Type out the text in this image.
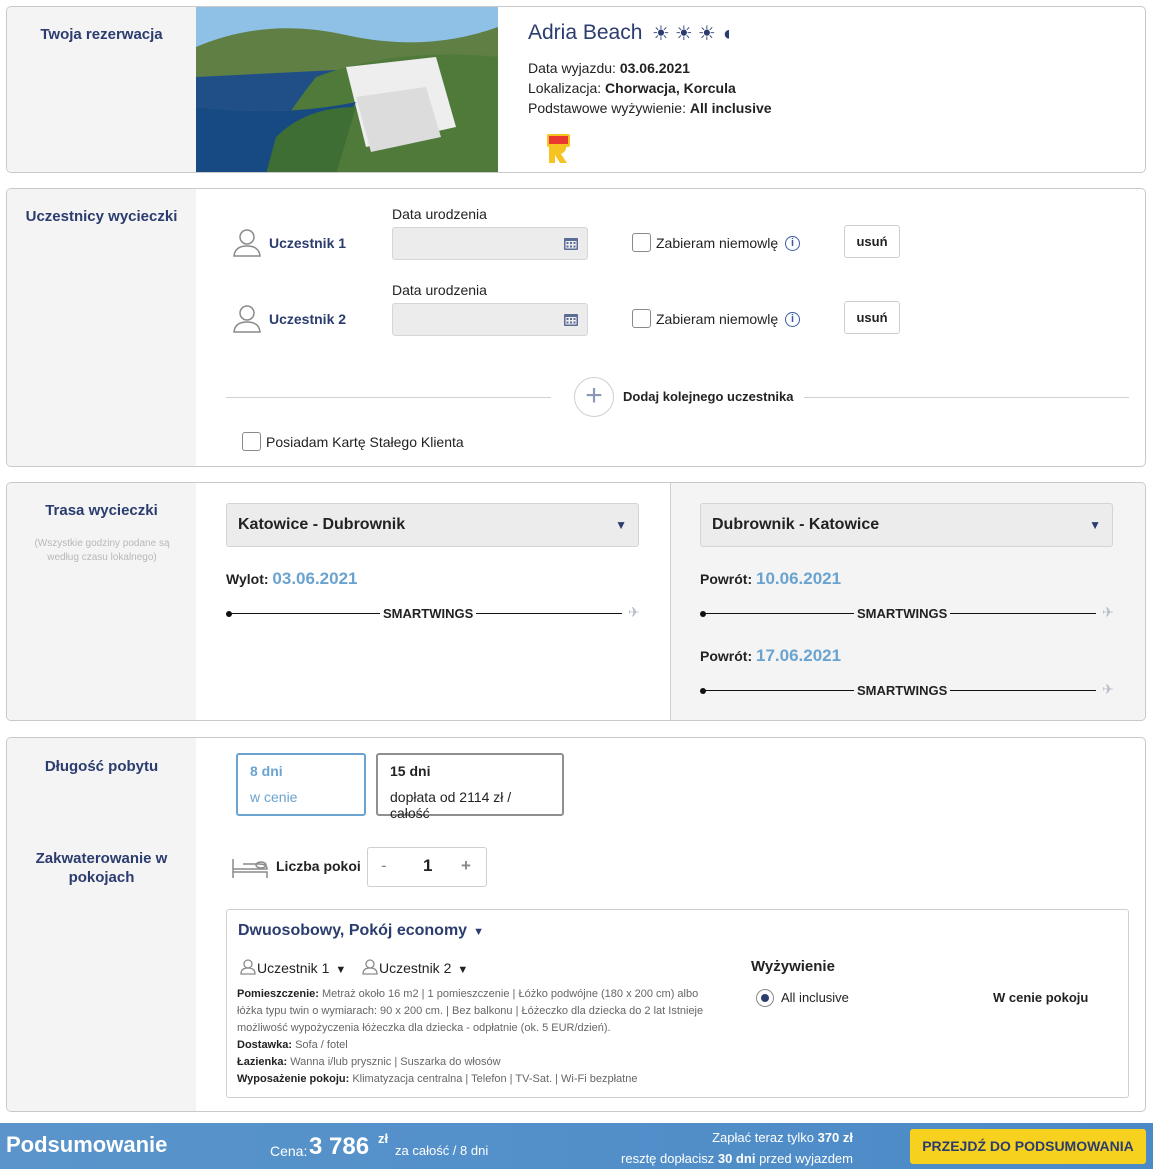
Twoja rezerwacja	Adria Beach ☀☀☀◖
Data wyjazdu: 03.06.2021
Lokalizacja: Chorwacja, Korcula
Podstawowe wyżywienie: All inclusive
Uczestnicy wycieczki
Uczestnik 1
Data urodzenia
Zabieram niemowlę	i	usuń
Uczestnik 2
Data urodzenia
Zabieram niemowlę	i	usuń
+	Dodaj kolejnego uczestnika
Posiadam Kartę Stałego Klienta
Trasa wycieczki
(Wszystkie godziny podane są według czasu lokalnego)
Katowice - Dubrownik	▼
Wylot: 03.06.2021
SMARTWINGS	✈
Dubrownik - Katowice	▼
Powrót: 10.06.2021
SMARTWINGS	✈
Powrót: 17.06.2021
SMARTWINGS	✈
Długość pobytu
Zakwaterowanie w pokojach
8 dni
w cenie
15 dni
dopłata od 2114 zł / całość
Liczba pokoi - 1 +
Dwuosobowy, Pokój economy ▼
Uczestnik 1 ▼	Uczestnik 2 ▼
Pomieszczenie: Metraż około 16 m2 | 1 pomieszczenie | Łóżko podwójne (180 x 200 cm) albo łóżka typu twin o wymiarach: 90 x 200 cm. | Bez balkonu | Łóżeczko dla dziecka do 2 lat Istnieje możliwość wypożyczenia łóżeczka dla dziecka - odpłatnie (ok. 5 EUR/dzień).
Dostawka: Sofa / fotel
Łazienka: Wanna i/lub prysznic | Suszarka do włosów
Wyposażenie pokoju: Klimatyzacja centralna | Telefon | TV-Sat. | Wi-Fi bezpłatne
Wyżywienie
All inclusive	W cenie pokoju
Podsumowanie	Cena: 3 786 zł
za całość / 8 dni
Zapłać teraz tylko 370 zł
resztę dopłacisz 30 dni przed wyjazdem
PRZEJDŹ DO PODSUMOWANIA
